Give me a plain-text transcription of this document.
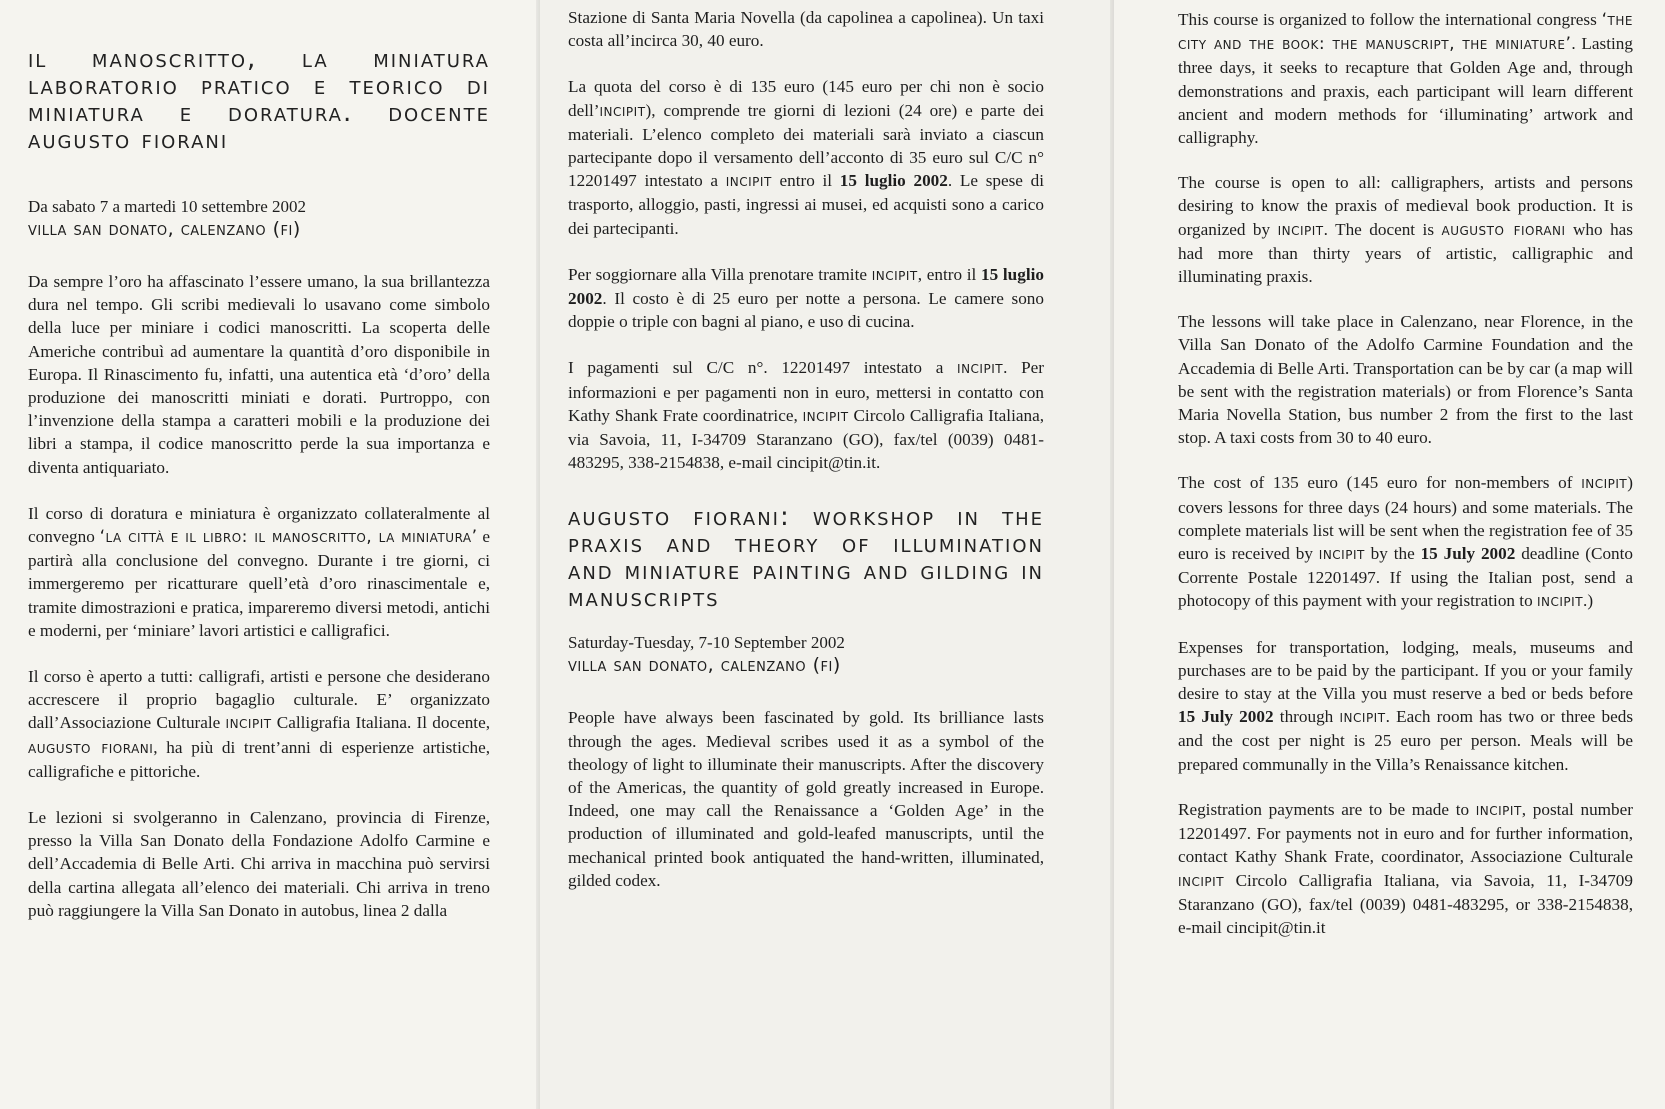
il manoscritto, la miniatura laboratorio pratico e teorico di miniatura e doratura. docente augusto fiorani
Da sabato 7 a martedi 10 settembre 2002
villa san donato, calenzano (fi)

Da sempre l’oro ha affascinato l’essere umano, la sua brillantezza dura nel tempo. Gli scribi medievali lo usavano come simbolo della luce per miniare i codici manoscritti. La scoperta delle Americhe contribuì ad aumentare la quantità d’oro disponibile in Europa. Il Rinascimento fu, infatti, una autentica età ‘d’oro’ della produzione dei manoscritti miniati e dorati. Purtroppo, con l’invenzione della stampa a caratteri mobili e la produzione dei libri a stampa, il codice manoscritto perde la sua importanza e diventa antiquariato.

Il corso di doratura e miniatura è organizzato collateralmente al convegno ‘la città e il libro: il manoscritto, la miniatura’ e partirà alla conclusione del convegno. Durante i tre giorni, ci immergeremo per ricatturare quell’età d’oro rinascimentale e, tramite dimostrazioni e pratica, impareremo diversi metodi, antichi e moderni, per ‘miniare’ lavori artistici e calligrafici.

Il corso è aperto a tutti: calligrafi, artisti e persone che desiderano accrescere il proprio bagaglio culturale. E’ organizzato dall’Associazione Culturale incipit Calligrafia Italiana. Il docente, augusto fiorani, ha più di trent’anni di esperienze artistiche, calligrafiche e pittoriche.

Le lezioni si svolgeranno in Calenzano, provincia di Firenze, presso la Villa San Donato della Fondazione Adolfo Carmine e dell’Accademia di Belle Arti. Chi arriva in macchina può servirsi della cartina allegata all’elenco dei materiali. Chi arriva in treno può raggiungere la Villa San Donato in autobus, linea 2 dalla

Stazione di Santa Maria Novella (da capolinea a capolinea). Un taxi costa all’incirca 30, 40 euro.

La quota del corso è di 135 euro (145 euro per chi non è socio dell’incipit), comprende tre giorni di lezioni (24 ore) e parte dei materiali. L’elenco completo dei materiali sarà inviato a ciascun partecipante dopo il versamento dell’acconto di 35 euro sul C/C n° 12201497 intestato a incipit entro il 15 luglio 2002. Le spese di trasporto, alloggio, pasti, ingressi ai musei, ed acquisti sono a carico dei partecipanti.

Per soggiornare alla Villa prenotare tramite incipit, entro il 15 luglio 2002. Il costo è di 25 euro per notte a persona. Le camere sono doppie o triple con bagni al piano, e uso di cucina.

I pagamenti sul C/C n°. 12201497 intestato a incipit. Per informazioni e per pagamenti non in euro, mettersi in contatto con Kathy Shank Frate coordinatrice, incipit Circolo Calligrafia Italiana, via Savoia, 11, I-34709 Staranzano (GO), fax/tel (0039) 0481-483295, 338-2154838, e-mail cincipit@tin.it.

augusto fiorani: workshop in the praxis and theory of illumination and miniature painting and gilding in manuscripts
Saturday-Tuesday, 7-10 September 2002
villa san donato, calenzano (fi)

People have always been fascinated by gold. Its brilliance lasts through the ages. Medieval scribes used it as a symbol of the theology of light to illuminate their manuscripts. After the discovery of the Americas, the quantity of gold greatly increased in Europe. Indeed, one may call the Renaissance a ‘Golden Age’ in the production of illuminated and gold-leafed manuscripts, until the mechanical printed book antiquated the hand-written, illuminated, gilded codex.

This course is organized to follow the international congress ‘the city and the book: the manuscript, the miniature’. Lasting three days, it seeks to recapture that Golden Age and, through demonstrations and praxis, each participant will learn different ancient and modern methods for ‘illuminating’ artwork and calligraphy.

The course is open to all: calligraphers, artists and persons desiring to know the praxis of medieval book production. It is organized by incipit. The docent is augusto fiorani who has had more than thirty years of artistic, calligraphic and illuminating praxis.

The lessons will take place in Calenzano, near Florence, in the Villa San Donato of the Adolfo Carmine Foundation and the Accademia di Belle Arti. Transportation can be by car (a map will be sent with the registration materials) or from Florence’s Santa Maria Novella Station, bus number 2 from the first to the last stop. A taxi costs from 30 to 40 euro.

The cost of 135 euro (145 euro for non-members of incipit) covers lessons for three days (24 hours) and some materials. The complete materials list will be sent when the registration fee of 35 euro is received by incipit by the 15 July 2002 deadline (Conto Corrente Postale 12201497. If using the Italian post, send a photocopy of this payment with your registration to incipit.)

Expenses for transportation, lodging, meals, museums and purchases are to be paid by the participant. If you or your family desire to stay at the Villa you must reserve a bed or beds before 15 July 2002 through incipit. Each room has two or three beds and the cost per night is 25 euro per person. Meals will be prepared communally in the Villa’s Renaissance kitchen.

Registration payments are to be made to incipit, postal number 12201497. For payments not in euro and for further information, contact Kathy Shank Frate, coordinator, Associazione Culturale incipit Circolo Calligrafia Italiana, via Savoia, 11, I-34709 Staranzano (GO), fax/tel (0039) 0481-483295, or 338-2154838, e-mail cincipit@tin.it
